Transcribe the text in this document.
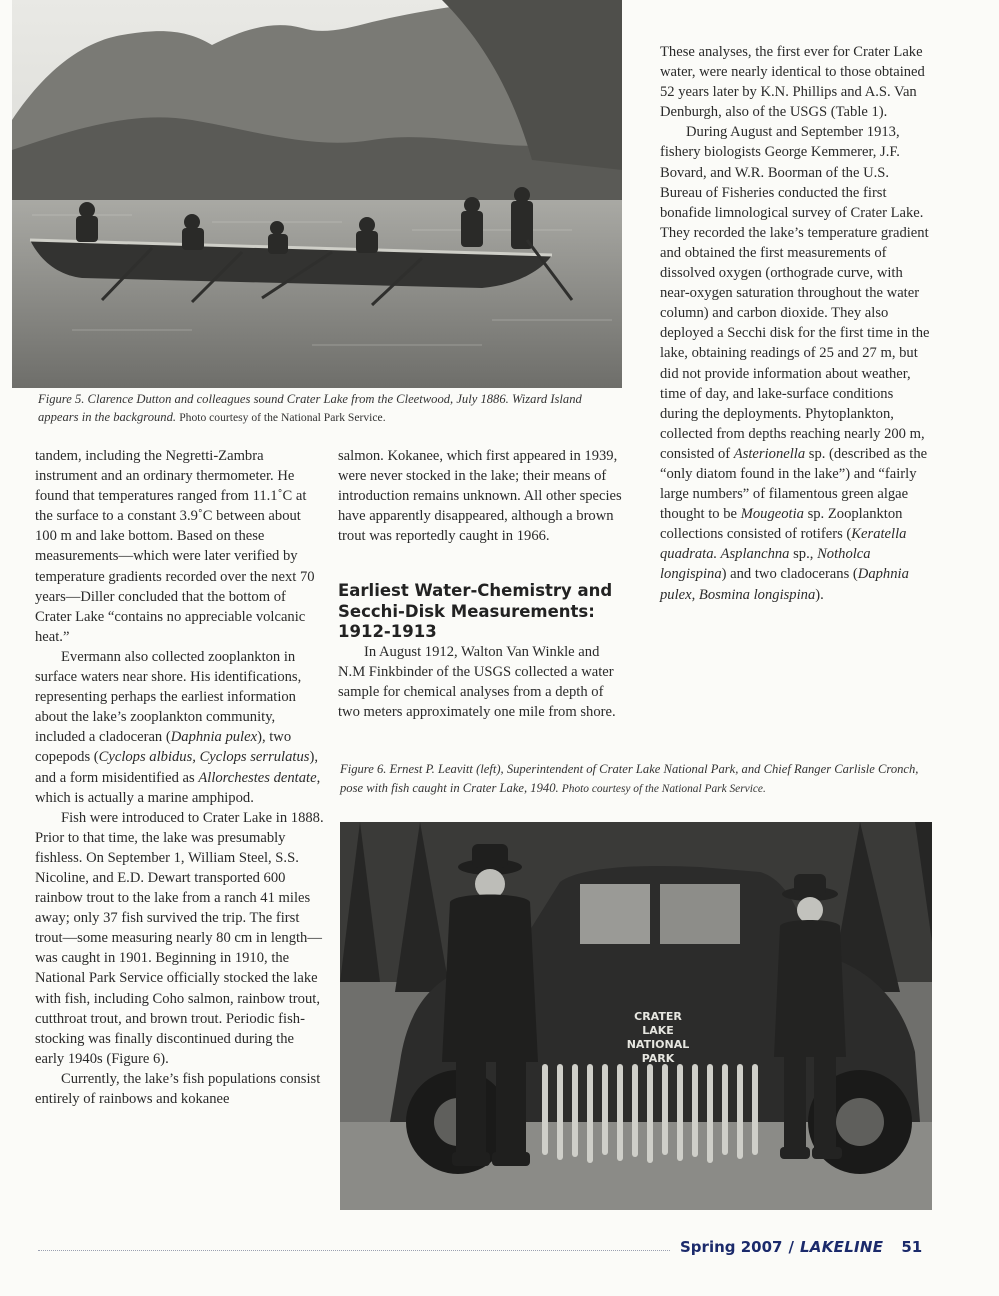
Figure 5. Clarence Dutton and colleagues sound Crater Lake from the Cleetwood, July 1886. Wizard Island appears in the background. Photo courtesy of the National Park Service.

These analyses, the first ever for Crater Lake water, were nearly identical to those obtained 52 years later by K.N. Phillips and A.S. Van Denburgh, also of the USGS (Table 1).

During August and September 1913, fishery biologists George Kemmerer, J.F. Bovard, and W.R. Boorman of the U.S. Bureau of Fisheries conducted the first bonafide limnological survey of Crater Lake. They recorded the lake’s temperature gradient and obtained the first measurements of dissolved oxygen (orthograde curve, with near-oxygen saturation throughout the water column) and carbon dioxide. They also deployed a Secchi disk for the first time in the lake, obtaining readings of 25 and 27 m, but did not provide information about weather, time of day, and lake-surface conditions during the deployments. Phytoplankton, collected from depths reaching nearly 200 m, consisted of Asterionella sp. (described as the “only diatom found in the lake”) and “fairly large numbers” of filamentous green algae thought to be Mougeotia sp. Zooplankton collections consisted of rotifers (Keratella quadrata. Asplanchna sp., Notholca longispina) and two cladocerans (Daphnia pulex, Bosmina longispina).

tandem, including the Negretti-Zambra instrument and an ordinary thermometer. He found that temperatures ranged from 11.1˚C at the surface to a constant 3.9˚C between about 100 m and lake bottom. Based on these measurements—which were later verified by temperature gradients recorded over the next 70 years—Diller concluded that the bottom of Crater Lake “contains no appreciable volcanic heat.”

Evermann also collected zooplankton in surface waters near shore. His identifications, representing perhaps the earliest information about the lake’s zooplankton community, included a cladoceran (Daphnia pulex), two copepods (Cyclops albidus, Cyclops serrulatus), and a form misidentified as Allorchestes dentate, which is actually a marine amphipod.

Fish were introduced to Crater Lake in 1888. Prior to that time, the lake was presumably fishless. On September 1, William Steel, S.S. Nicoline, and E.D. Dewart transported 600 rainbow trout to the lake from a ranch 41 miles away; only 37 fish survived the trip. The first trout—some measuring nearly 80 cm in length—was caught in 1901. Beginning in 1910, the National Park Service officially stocked the lake with fish, including Coho salmon, rainbow trout, cutthroat trout, and brown trout. Periodic fish-stocking was finally discontinued during the early 1940s (Figure 6).

Currently, the lake’s fish populations consist entirely of rainbows and kokanee

salmon. Kokanee, which first appeared in 1939, were never stocked in the lake; their means of introduction remains unknown. All other species have apparently disappeared, although a brown trout was reportedly caught in 1966.

Earliest Water-Chemistry and Secchi-Disk Measurements: 1912-1913

In August 1912, Walton Van Winkle and N.M Finkbinder of the USGS collected a water sample for chemical analyses from a depth of two meters approximately one mile from shore.

Figure 6. Ernest P. Leavitt (left), Superintendent of Crater Lake National Park, and Chief Ranger Carlisle Cronch, pose with fish caught in Crater Lake, 1940. Photo courtesy of the National Park Service.
CRATER
LAKE
NATIONAL
PARK
Spring 2007 / LAKELINE 51
